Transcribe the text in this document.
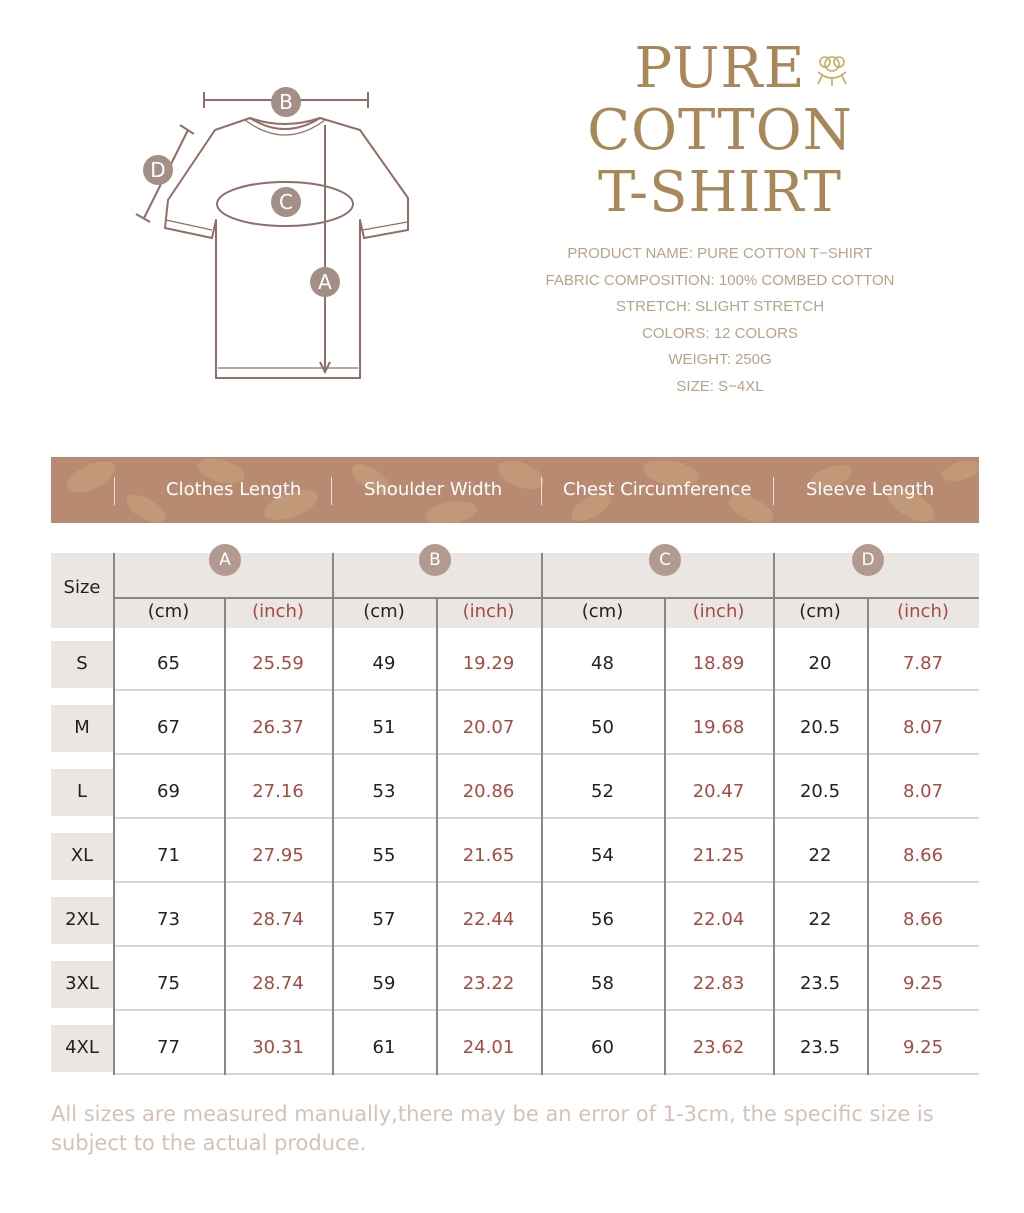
B
D
C
A
PURE
COTTON
T-SHIRT
PRODUCT NAME: PURE COTTON T−SHIRT
FABRIC COMPOSITION: 100% COMBED COTTON
STRETCH: SLIGHT STRETCH
COLORS: 12 COLORS
WEIGHT: 250G
SIZE: S−4XL
Clothes Length	Shoulder Width	Chest Circumference	Sleeve Length
Size
A	B	C	D
(cm)	(inch)	(cm)	(inch)	(cm)	(inch)	(cm)	(inch)
S	65	25.59	49	19.29	48	18.89	20	7.87
M	67	26.37	51	20.07	50	19.68	20.5	8.07
L	69	27.16	53	20.86	52	20.47	20.5	8.07
XL	71	27.95	55	21.65	54	21.25	22	8.66
2XL	73	28.74	57	22.44	56	22.04	22	8.66
3XL	75	28.74	59	23.22	58	22.83	23.5	9.25
4XL	77	30.31	61	24.01	60	23.62	23.5	9.25
All sizes are measured manually,there may be an error of 1-3cm, the specific size is subject to the actual produce.
